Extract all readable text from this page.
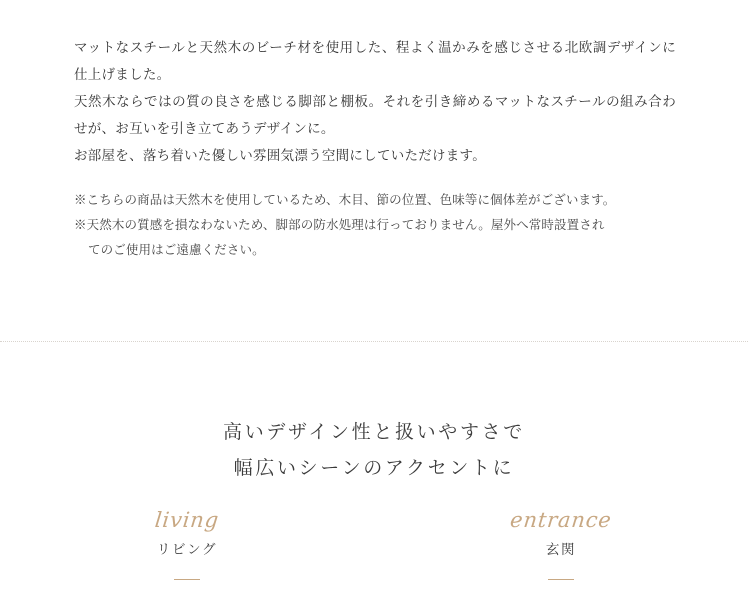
マットなスチールと天然木のビーチ材を使用した、程よく温かみを感じさせる北欧調デザインに仕上げました。
天然木ならではの質の良さを感じる脚部と棚板。それを引き締めるマットなスチールの組み合わせが、お互いを引き立てあうデザインに。
お部屋を、落ち着いた優しい雰囲気漂う空間にしていただけます。
※こちらの商品は天然木を使用しているため、木目、節の位置、色味等に個体差がございます。
※天然木の質感を損なわないため、脚部の防水処理は行っておりません。屋外へ常時設置され
てのご使用はご遠慮ください。
高いデザイン性と扱いやすさで
幅広いシーンのアクセントに
living
リビング
entrance
玄関
